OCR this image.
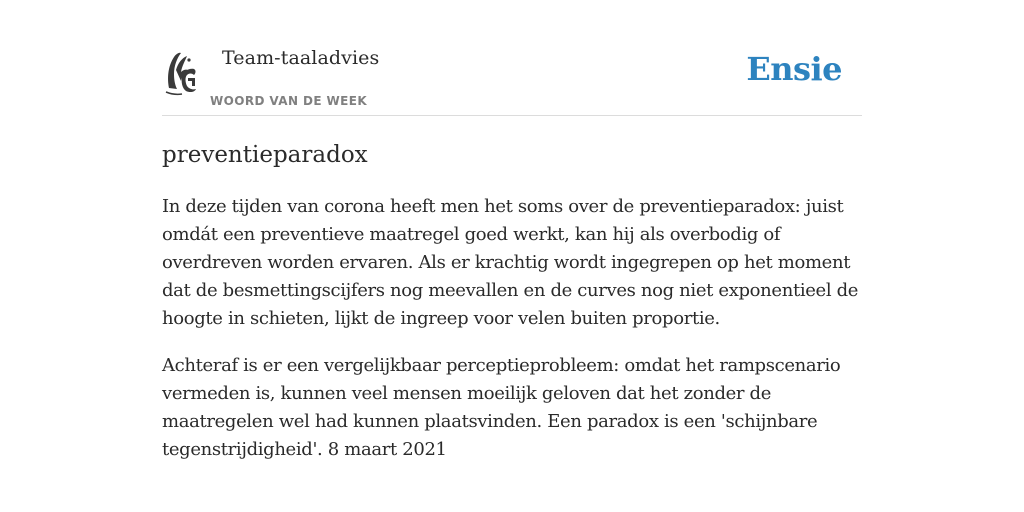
Team-taaladvies
WOORD VAN DE WEEK
Ensie
preventieparadox

In deze tijden van corona heeft men het soms over de preventieparadox: juist omdát een preventieve maatregel goed werkt, kan hij als overbodig of overdreven worden ervaren. Als er krachtig wordt ingegrepen op het moment dat de besmettingscijfers nog meevallen en de curves nog niet exponentieel de hoogte in schieten, lijkt de ingreep voor velen buiten proportie.

Achteraf is er een vergelijkbaar perceptieprobleem: omdat het rampscenario vermeden is, kunnen veel mensen moeilijk geloven dat het zonder de maatregelen wel had kunnen plaatsvinden. Een paradox is een 'schijnbare tegenstrijdigheid'. 8 maart 2021
